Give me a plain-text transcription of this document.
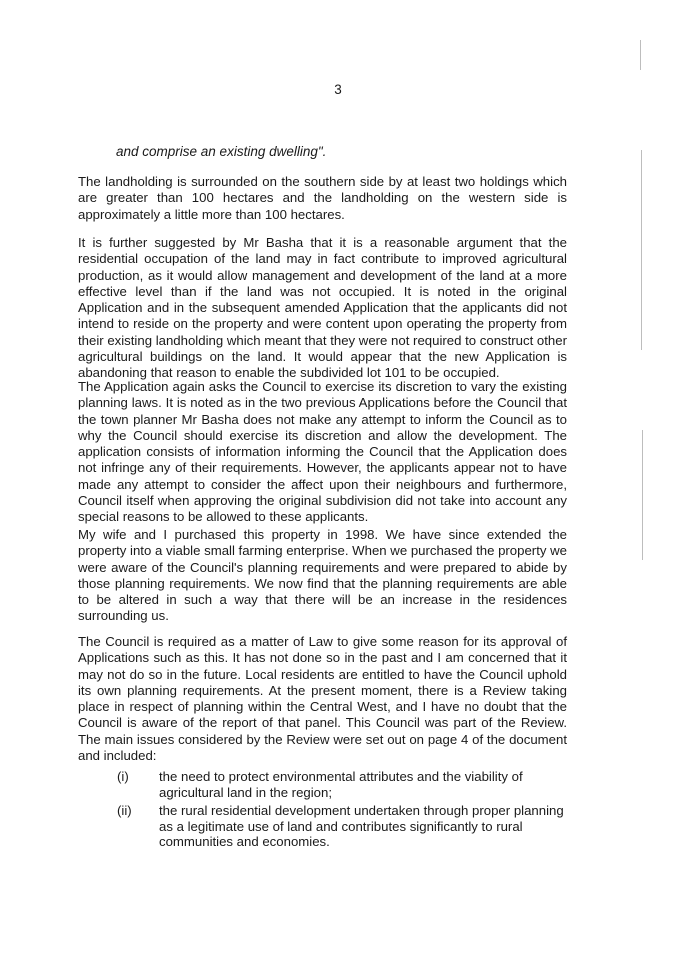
3
and comprise an existing dwelling".

The landholding is surrounded on the southern side by at least two holdings which are greater than 100 hectares and the landholding on the western side is approximately a little more than 100 hectares.

It is further suggested by Mr Basha that it is a reasonable argument that the residential occupation of the land may in fact contribute to improved agricultural production, as it would allow management and development of the land at a more effective level than if the land was not occupied. It is noted in the original Application and in the subsequent amended Application that the applicants did not intend to reside on the property and were content upon operating the property from their existing landholding which meant that they were not required to construct other agricultural buildings on the land. It would appear that the new Application is abandoning that reason to enable the subdivided lot 101 to be occupied.

The Application again asks the Council to exercise its discretion to vary the existing planning laws. It is noted as in the two previous Applications before the Council that the town planner Mr Basha does not make any attempt to inform the Council as to why the Council should exercise its discretion and allow the development. The application consists of information informing the Council that the Application does not infringe any of their requirements. However, the applicants appear not to have made any attempt to consider the affect upon their neighbours and furthermore, Council itself when approving the original subdivision did not take into account any special reasons to be allowed to these applicants.

My wife and I purchased this property in 1998. We have since extended the property into a viable small farming enterprise. When we purchased the property we were aware of the Council's planning requirements and were prepared to abide by those planning requirements. We now find that the planning requirements are able to be altered in such a way that there will be an increase in the residences surrounding us.

The Council is required as a matter of Law to give some reason for its approval of Applications such as this. It has not done so in the past and I am concerned that it may not do so in the future. Local residents are entitled to have the Council uphold its own planning requirements. At the present moment, there is a Review taking place in respect of planning within the Central West, and I have no doubt that the Council is aware of the report of that panel. This Council was part of the Review. The main issues considered by the Review were set out on page 4 of the document and included:

(i)	the need to protect environmental attributes and the viability of agricultural land in the region;
(ii)	the rural residential development undertaken through proper planning as a legitimate use of land and contributes significantly to rural communities and economies.
